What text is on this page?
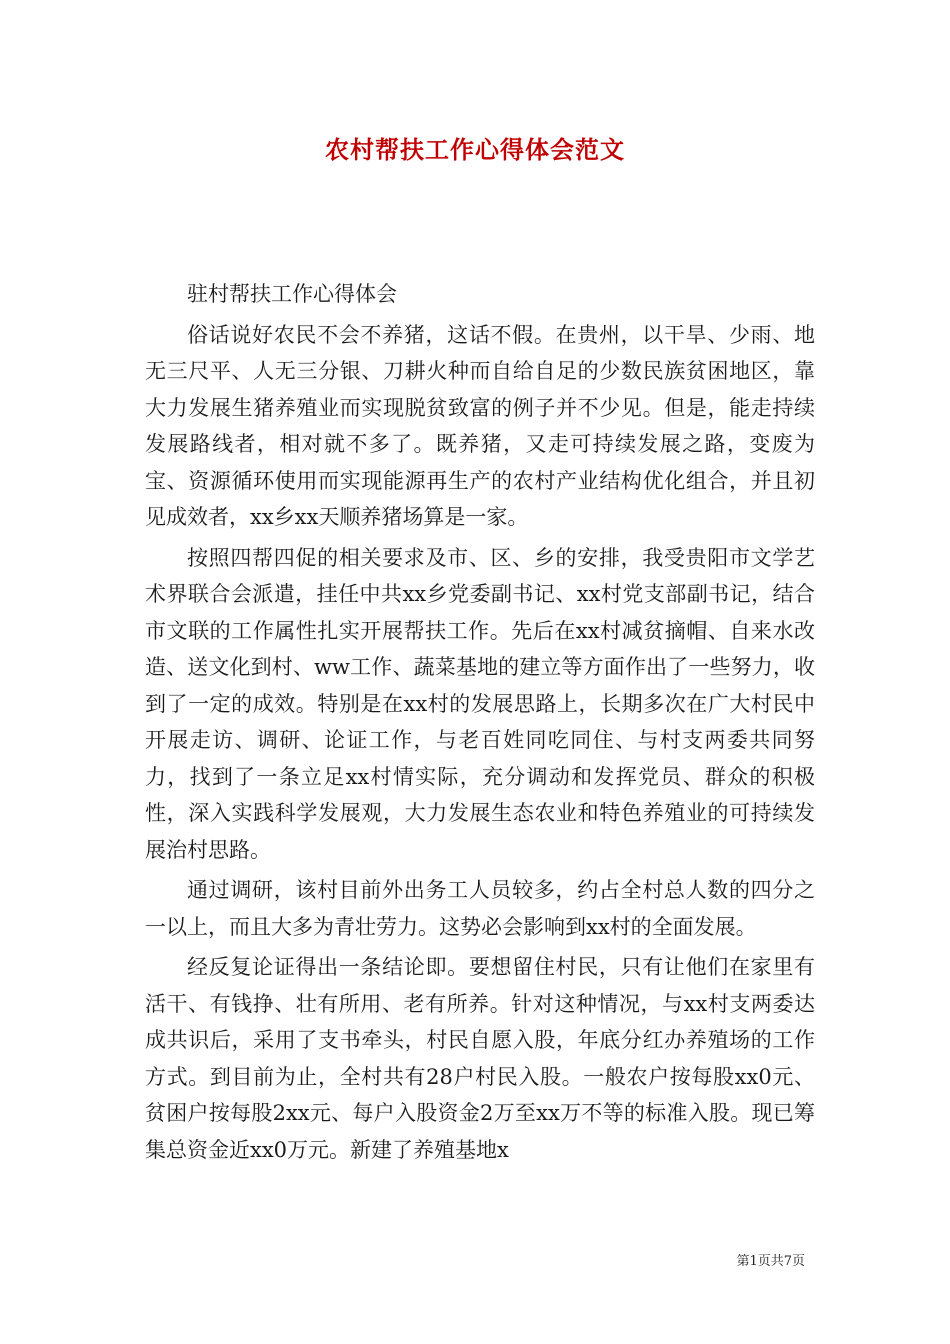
农村帮扶工作心得体会范文

驻村帮扶工作心得体会

俗话说好农民不会不养猪，这话不假。在贵州，以干旱、少雨、地无三尺平、人无三分银、刀耕火种而自给自足的少数民族贫困地区，靠大力发展生猪养殖业而实现脱贫致富的例子并不少见。但是，能走持续发展路线者，相对就不多了。既养猪，又走可持续发展之路，变废为宝、资源循环使用而实现能源再生产的农村产业结构优化组合，并且初见成效者，xx乡xx天顺养猪场算是一家。

按照四帮四促的相关要求及市、区、乡的安排，我受贵阳市文学艺术界联合会派遣，挂任中共xx乡党委副书记、xx村党支部副书记，结合市文联的工作属性扎实开展帮扶工作。先后在xx村减贫摘帽、自来水改造、送文化到村、ww工作、蔬菜基地的建立等方面作出了一些努力，收到了一定的成效。特别是在xx村的发展思路上，长期多次在广大村民中开展走访、调研、论证工作，与老百姓同吃同住、与村支两委共同努力，找到了一条立足xx村情实际，充分调动和发挥党员、群众的积极性，深入实践科学发展观，大力发展生态农业和特色养殖业的可持续发展治村思路。

通过调研，该村目前外出务工人员较多，约占全村总人数的四分之一以上，而且大多为青壮劳力。这势必会影响到xx村的全面发展。

经反复论证得出一条结论即。要想留住村民，只有让他们在家里有活干、有钱挣、壮有所用、老有所养。针对这种情况，与xx村支两委达成共识后，采用了支书牵头，村民自愿入股，年底分红办养殖场的工作方式。到目前为止，全村共有28户村民入股。一般农户按每股xx0元、贫困户按每股2xx元、每户入股资金2万至xx万不等的标准入股。现已筹集总资金近xx0万元。新建了养殖基地x

第1页共7页
